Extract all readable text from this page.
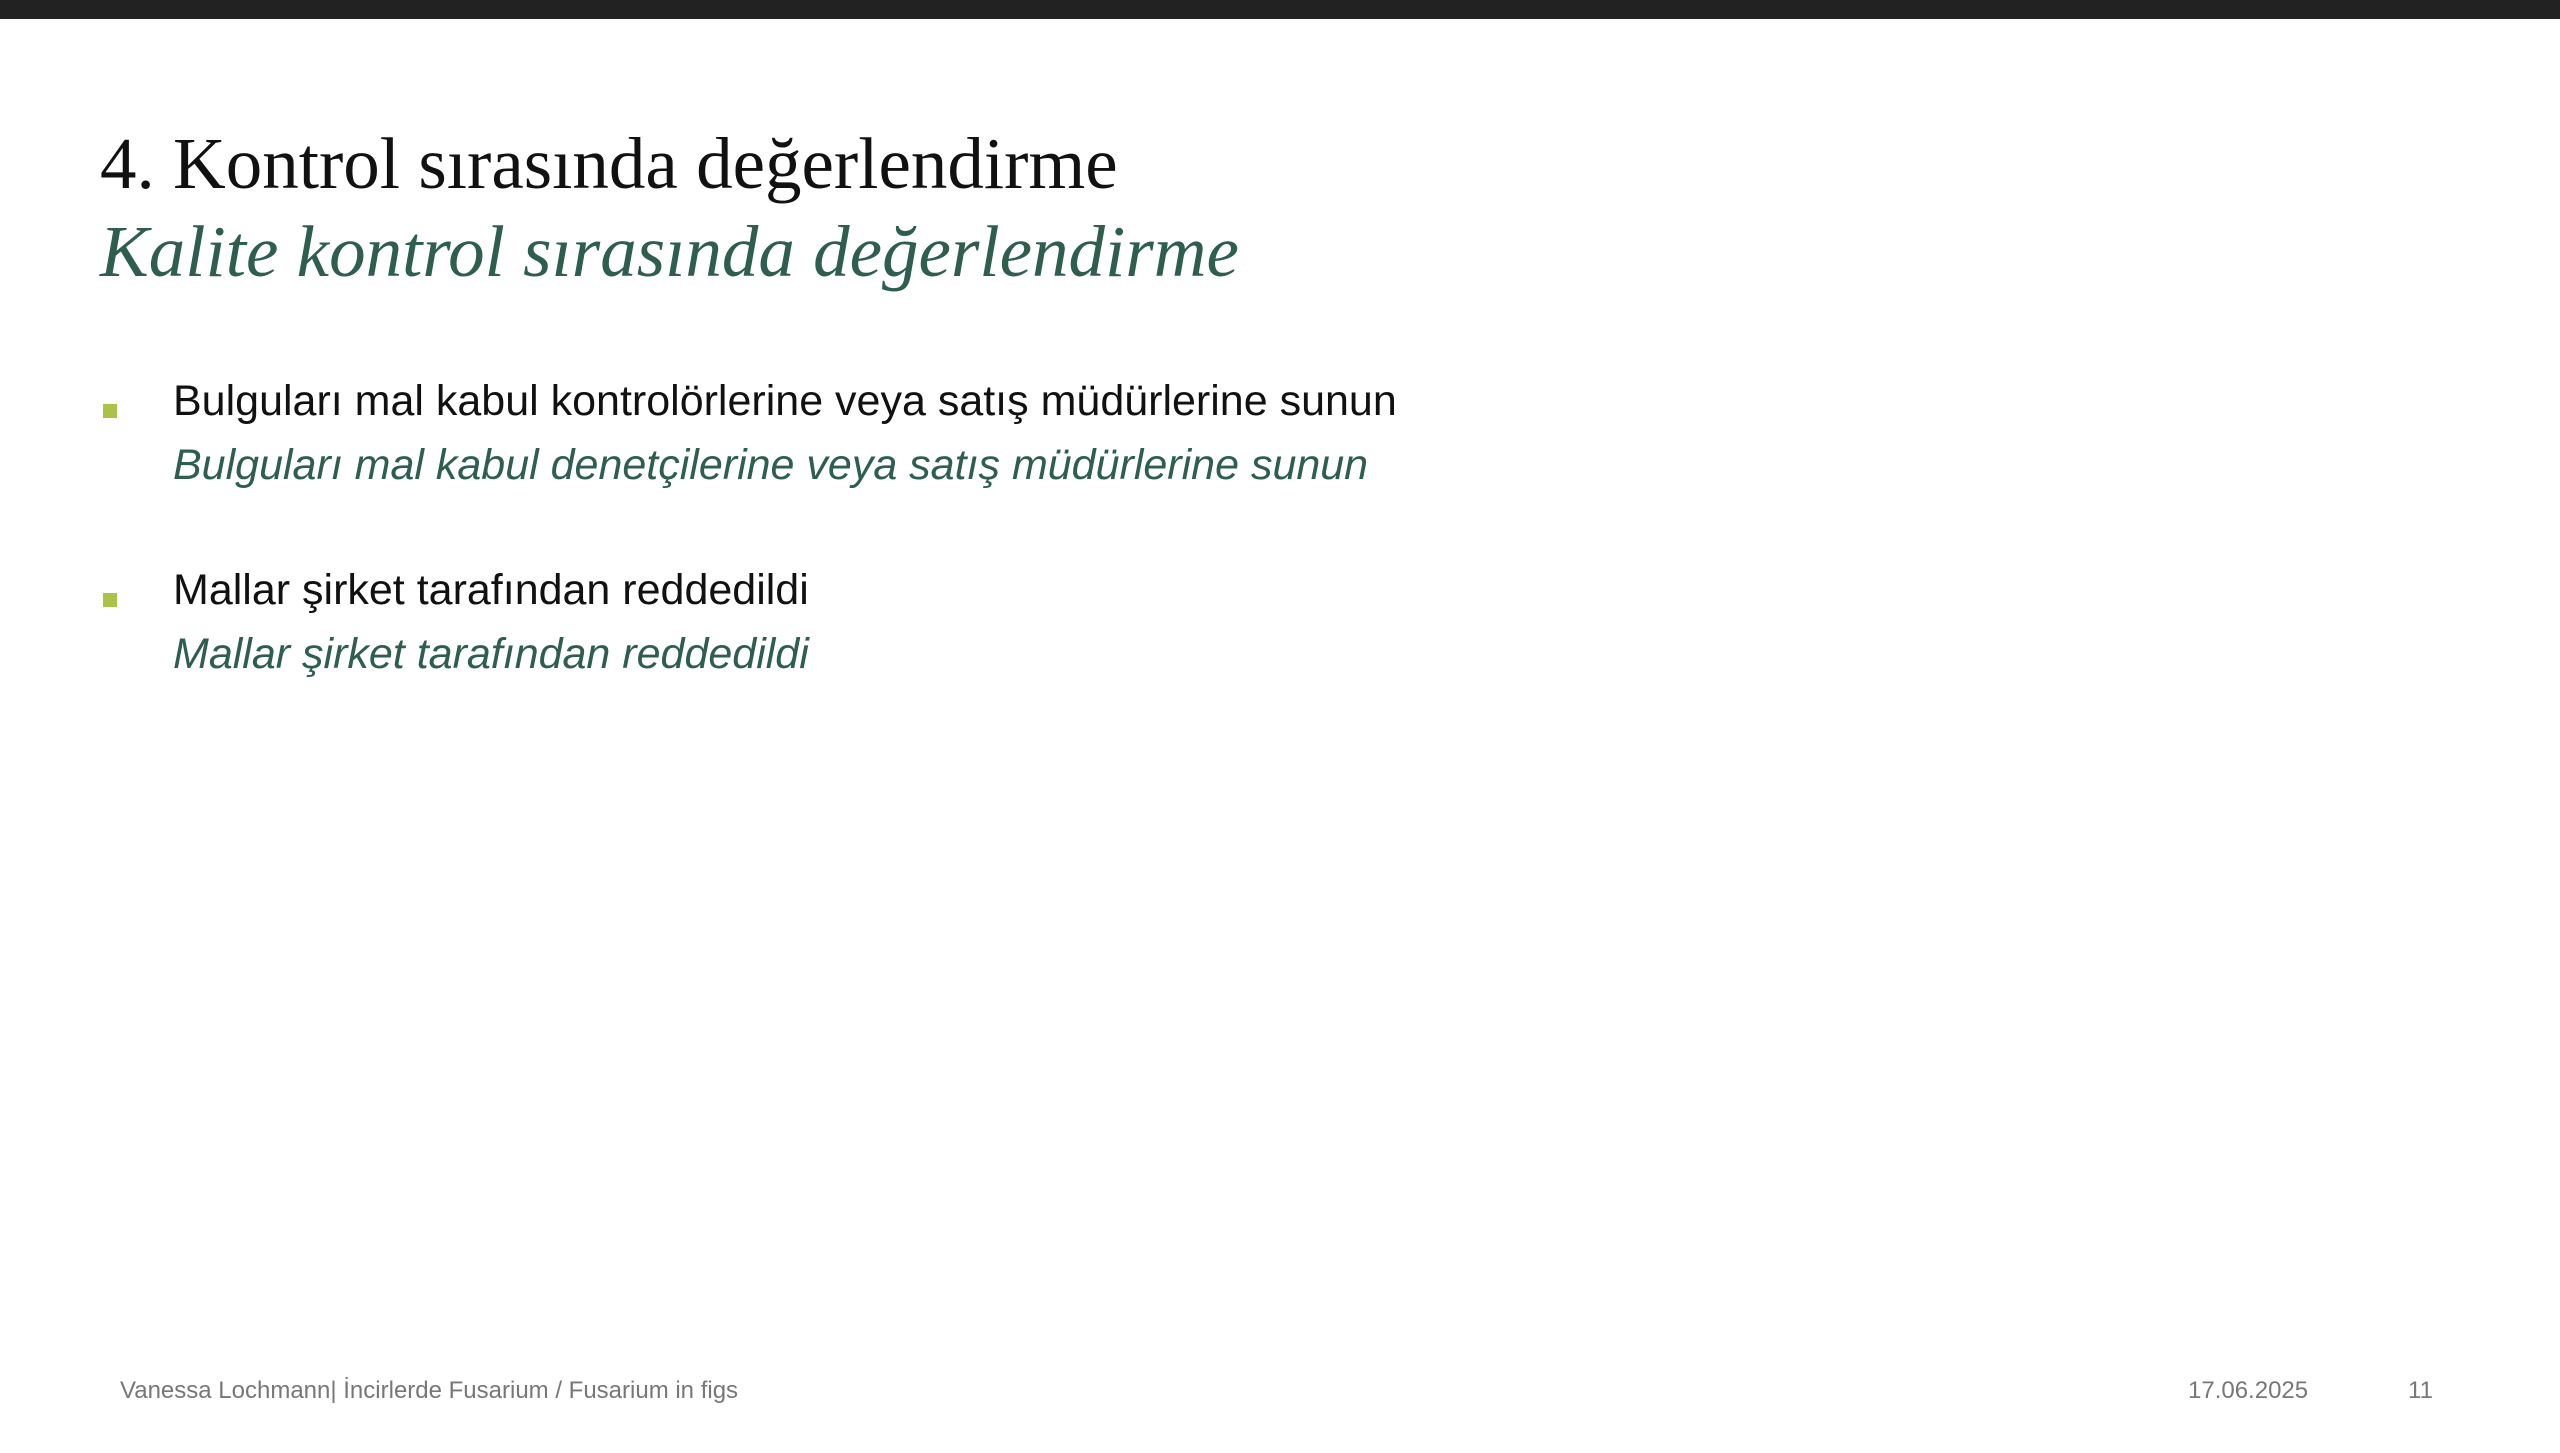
4. Kontrol sırasında değerlendirme
Kalite kontrol sırasında değerlendirme
Bulguları mal kabul kontrolörlerine veya satış müdürlerine sunun
Bulguları mal kabul denetçilerine veya satış müdürlerine sunun
Mallar şirket tarafından reddedildi
Mallar şirket tarafından reddedildi
Vanessa Lochmann| İncirlerde Fusarium / Fusarium in figs	17.06.2025	11
